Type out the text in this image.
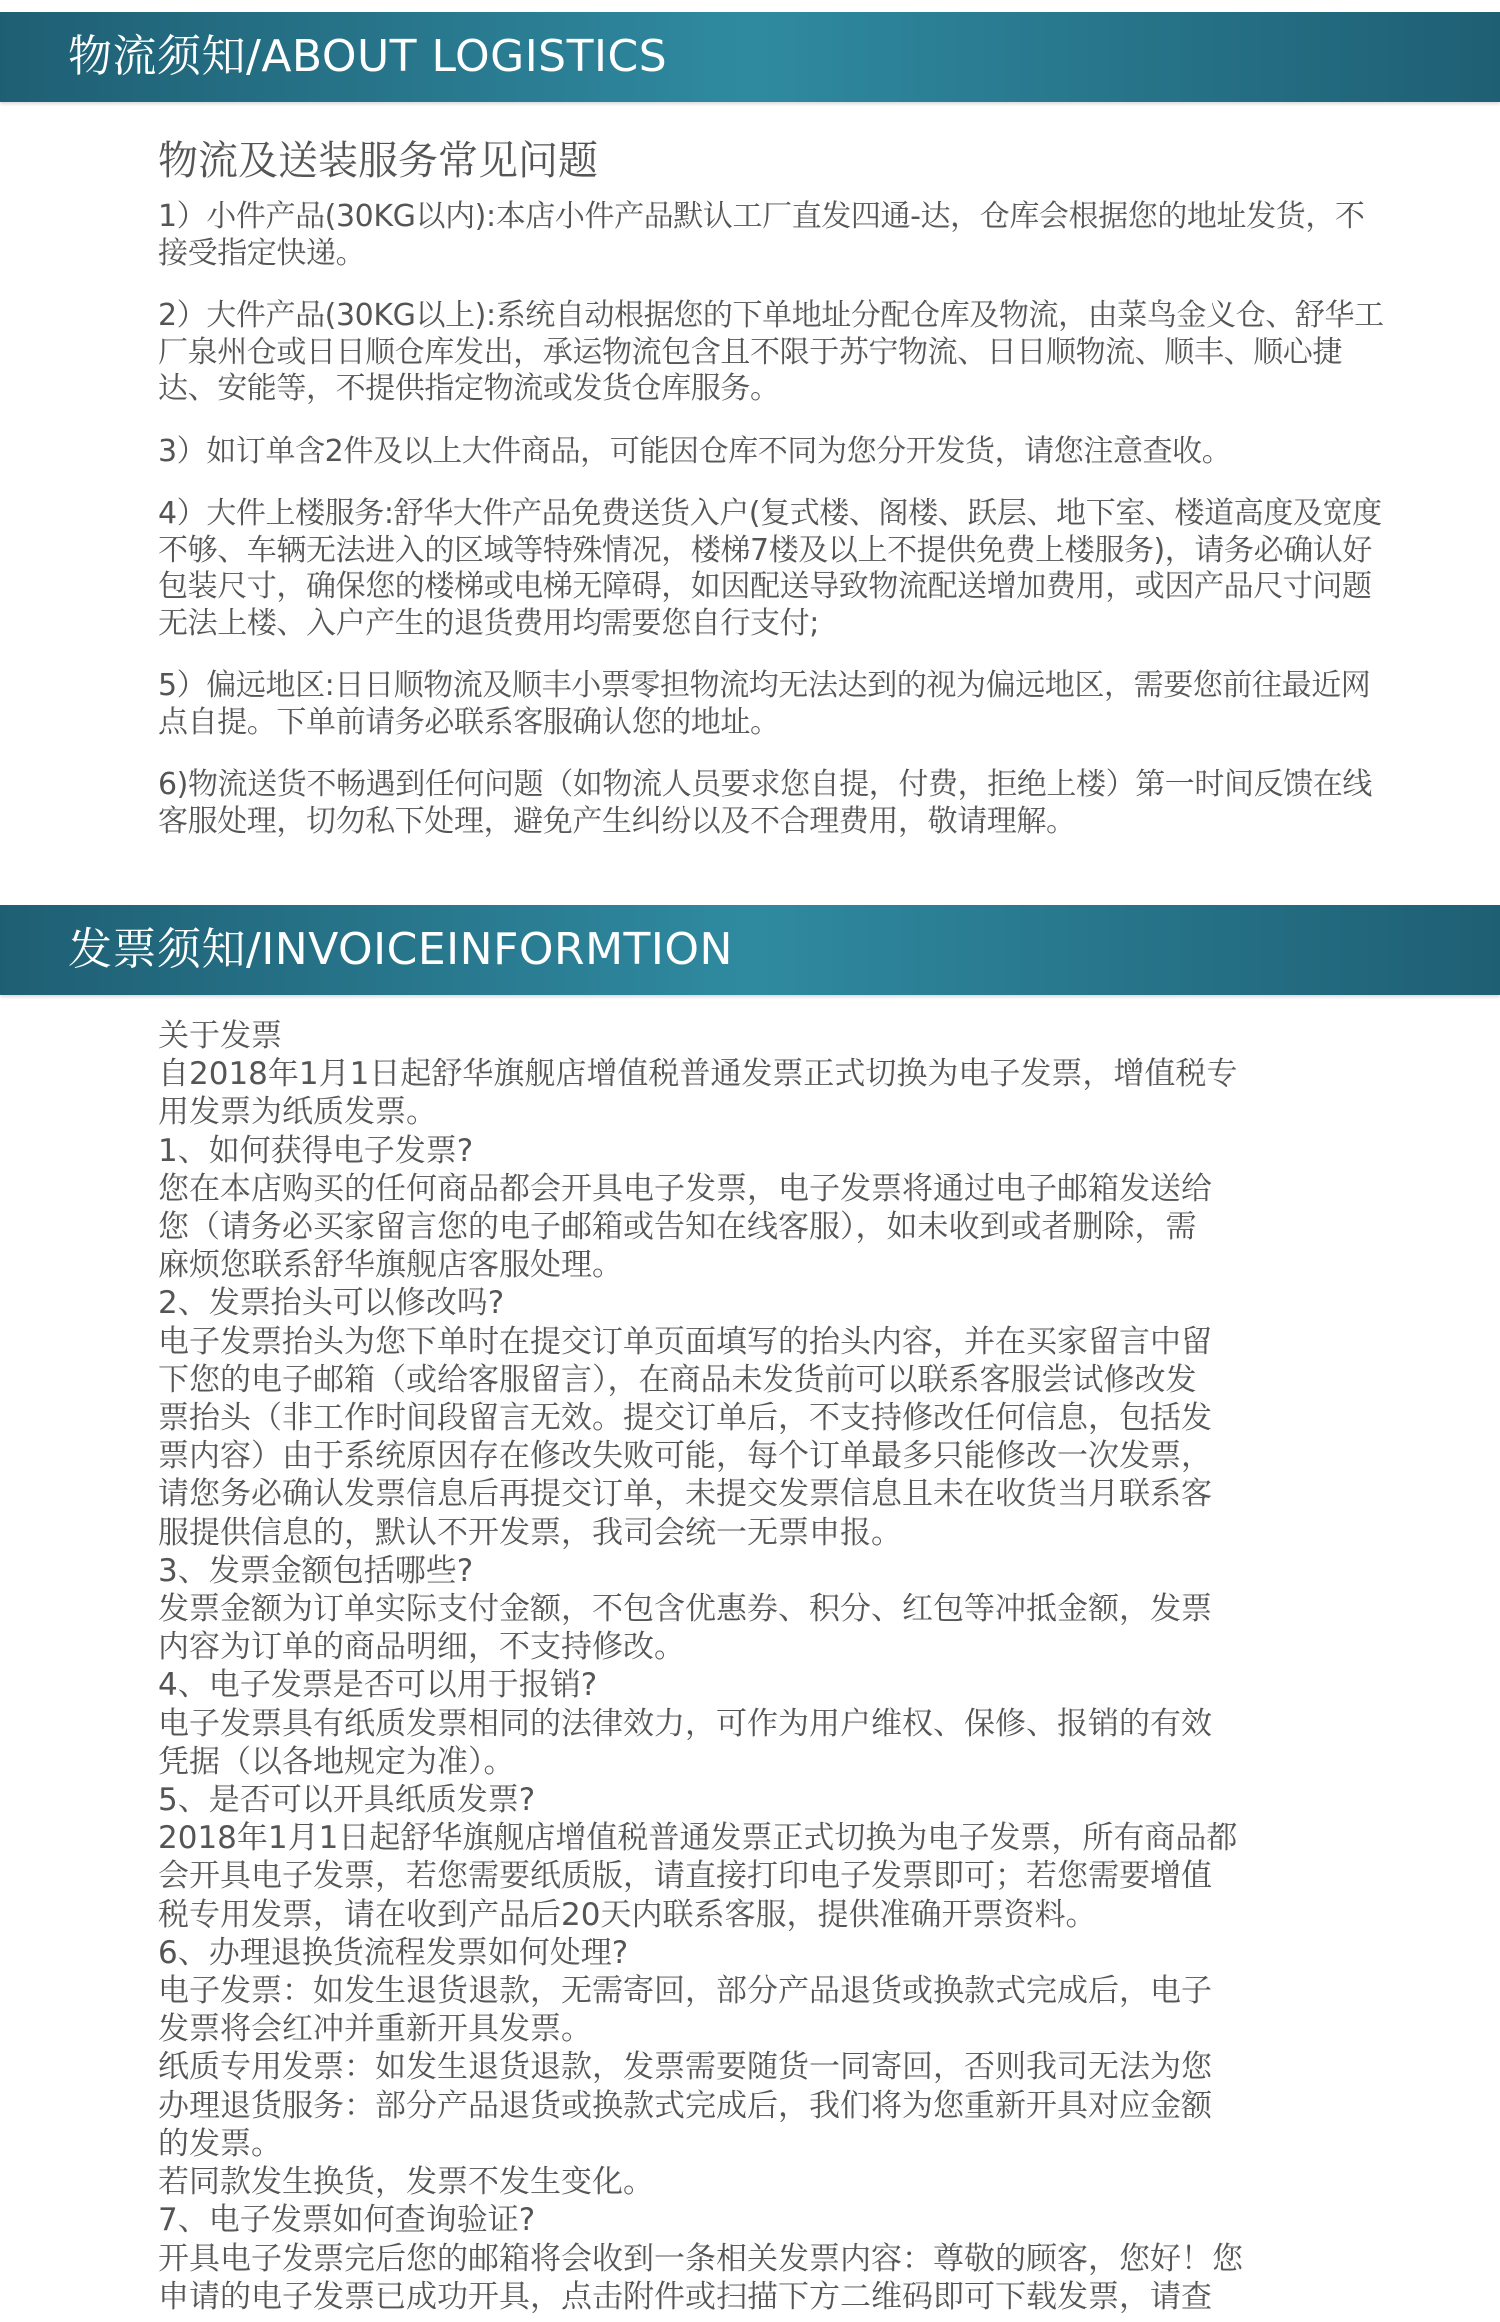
物流须知/ABOUT LOGISTICS
物流及送装服务常见问题
1）小件产品(30KG以内):本店小件产品默认工厂直发四通-达，仓库会根据您的地址发货，不接受指定快递。
2）大件产品(30KG以上):系统自动根据您的下单地址分配仓库及物流，由菜鸟金义仓、舒华工厂泉州仓或日日顺仓库发出，承运物流包含且不限于苏宁物流、日日顺物流、顺丰、顺心捷达、安能等，不提供指定物流或发货仓库服务。
3）如订单含2件及以上大件商品，可能因仓库不同为您分开发货，请您注意查收。
4）大件上楼服务:舒华大件产品免费送货入户(复式楼、阁楼、跃层、地下室、楼道高度及宽度不够、车辆无法进入的区域等特殊情况，楼梯7楼及以上不提供免费上楼服务)，请务必确认好包装尺寸，确保您的楼梯或电梯无障碍，如因配送导致物流配送增加费用，或因产品尺寸问题无法上楼、入户产生的退货费用均需要您自行支付;
5）偏远地区:日日顺物流及顺丰小票零担物流均无法达到的视为偏远地区，需要您前往最近网点自提。下单前请务必联系客服确认您的地址。
6)物流送货不畅遇到任何问题（如物流人员要求您自提，付费，拒绝上楼）第一时间反馈在线客服处理，切勿私下处理，避免产生纠纷以及不合理费用，敬请理解。
发票须知/INVOICEINFORMTION
关于发票
自2018年1月1日起舒华旗舰店增值税普通发票正式切换为电子发票，增值税专
用发票为纸质发票。
1、如何获得电子发票?
您在本店购买的任何商品都会开具电子发票，电子发票将通过电子邮箱发送给
您（请务必买家留言您的电子邮箱或告知在线客服），如未收到或者删除，需
麻烦您联系舒华旗舰店客服处理。
2、发票抬头可以修改吗?
电子发票抬头为您下单时在提交订单页面填写的抬头内容，并在买家留言中留
下您的电子邮箱（或给客服留言），在商品未发货前可以联系客服尝试修改发
票抬头（非工作时间段留言无效。提交订单后，不支持修改任何信息，包括发
票内容）由于系统原因存在修改失败可能，每个订单最多只能修改一次发票，
请您务必确认发票信息后再提交订单，未提交发票信息且未在收货当月联系客
服提供信息的，默认不开发票，我司会统一无票申报。
3、发票金额包括哪些?
发票金额为订单实际支付金额，不包含优惠券、积分、红包等冲抵金额，发票
内容为订单的商品明细，不支持修改。
4、电子发票是否可以用于报销?
电子发票具有纸质发票相同的法律效力，可作为用户维权、保修、报销的有效
凭据（以各地规定为准）。
5、是否可以开具纸质发票?
2018年1月1日起舒华旗舰店增值税普通发票正式切换为电子发票，所有商品都
会开具电子发票，若您需要纸质版，请直接打印电子发票即可；若您需要增值
税专用发票，请在收到产品后20天内联系客服，提供准确开票资料。
6、办理退换货流程发票如何处理?
电子发票：如发生退货退款，无需寄回，部分产品退货或换款式完成后，电子
发票将会红冲并重新开具发票。
纸质专用发票：如发生退货退款，发票需要随货一同寄回，否则我司无法为您
办理退货服务：部分产品退货或换款式完成后，我们将为您重新开具对应金额
的发票。
若同款发生换货，发票不发生变化。
7、电子发票如何查询验证?
开具电子发票完后您的邮箱将会收到一条相关发票内容：尊敬的顾客，您好！您
申请的电子发票已成功开具，点击附件或扫描下方二维码即可下载发票，请查
